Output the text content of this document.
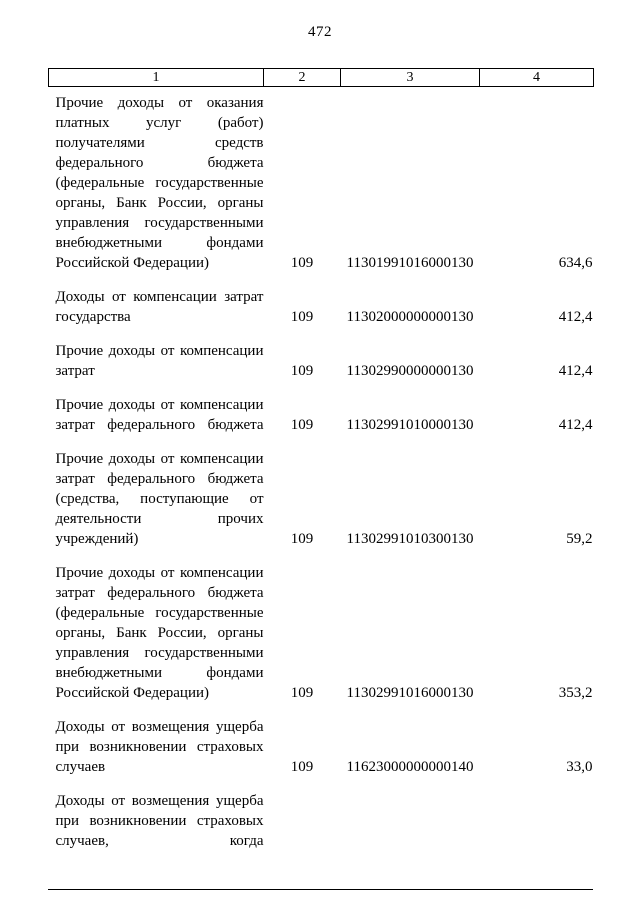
472
1	2	3	4
Прочие доходы от оказания платных услуг (работ) получателями средств федерального бюджета (федеральные государственные органы, Банк России, органы управления государственными внебюджетными фондами Российской Федерации)	109	11301991016000130	634,6
Доходы от компенсации затрат государства	109	11302000000000130	412,4
Прочие доходы от компенсации затрат	109	11302990000000130	412,4
Прочие доходы от компенсации затрат федерального бюджета	109	11302991010000130	412,4
Прочие доходы от компенсации затрат федерального бюджета (средства, поступающие от деятельности прочих учреждений)	109	11302991010300130	59,2
Прочие доходы от компенсации затрат федерального бюджета (федеральные государственные органы, Банк России, органы управления государственными внебюджетными фондами Российской Федерации)	109	11302991016000130	353,2
Доходы от возмещения ущерба при возникновении страховых случаев	109	11623000000000140	33,0
Доходы от возмещения ущерба при возникновении страховых случаев, когда			
